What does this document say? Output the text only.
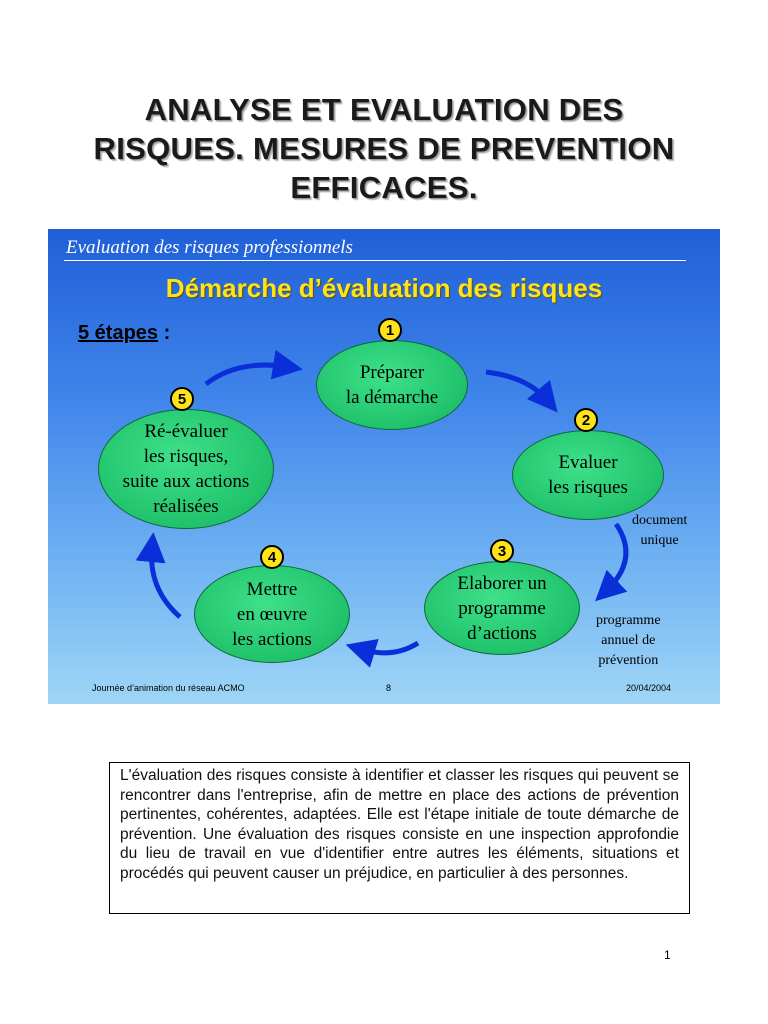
ANALYSE ET EVALUATION DES
RISQUES. MESURES DE PREVENTION
EFFICACES.
Evaluation des risques professionnels
Démarche d’évaluation des risques
5 étapes :
Préparer
la démarche
1
Evaluer
les risques
2
Elaborer un
programme
d’actions
3
Mettre
en œuvre
les actions
4
Ré-évaluer
les risques,
suite aux actions
réalisées
5
document
unique
programme
annuel de
prévention
Journée d’animation du réseau ACMO	8	20/04/2004

L'évaluation des risques consiste à identifier et classer les risques qui peuvent se rencontrer dans l'entreprise, afin de mettre en place des actions de prévention pertinentes, cohérentes, adaptées. Elle est l'étape initiale de toute démarche de prévention. Une évaluation des risques consiste en une inspection approfondie du lieu de travail en vue d'identifier entre autres les éléments, situations et procédés qui peuvent causer un préjudice, en particulier à des personnes.

1
